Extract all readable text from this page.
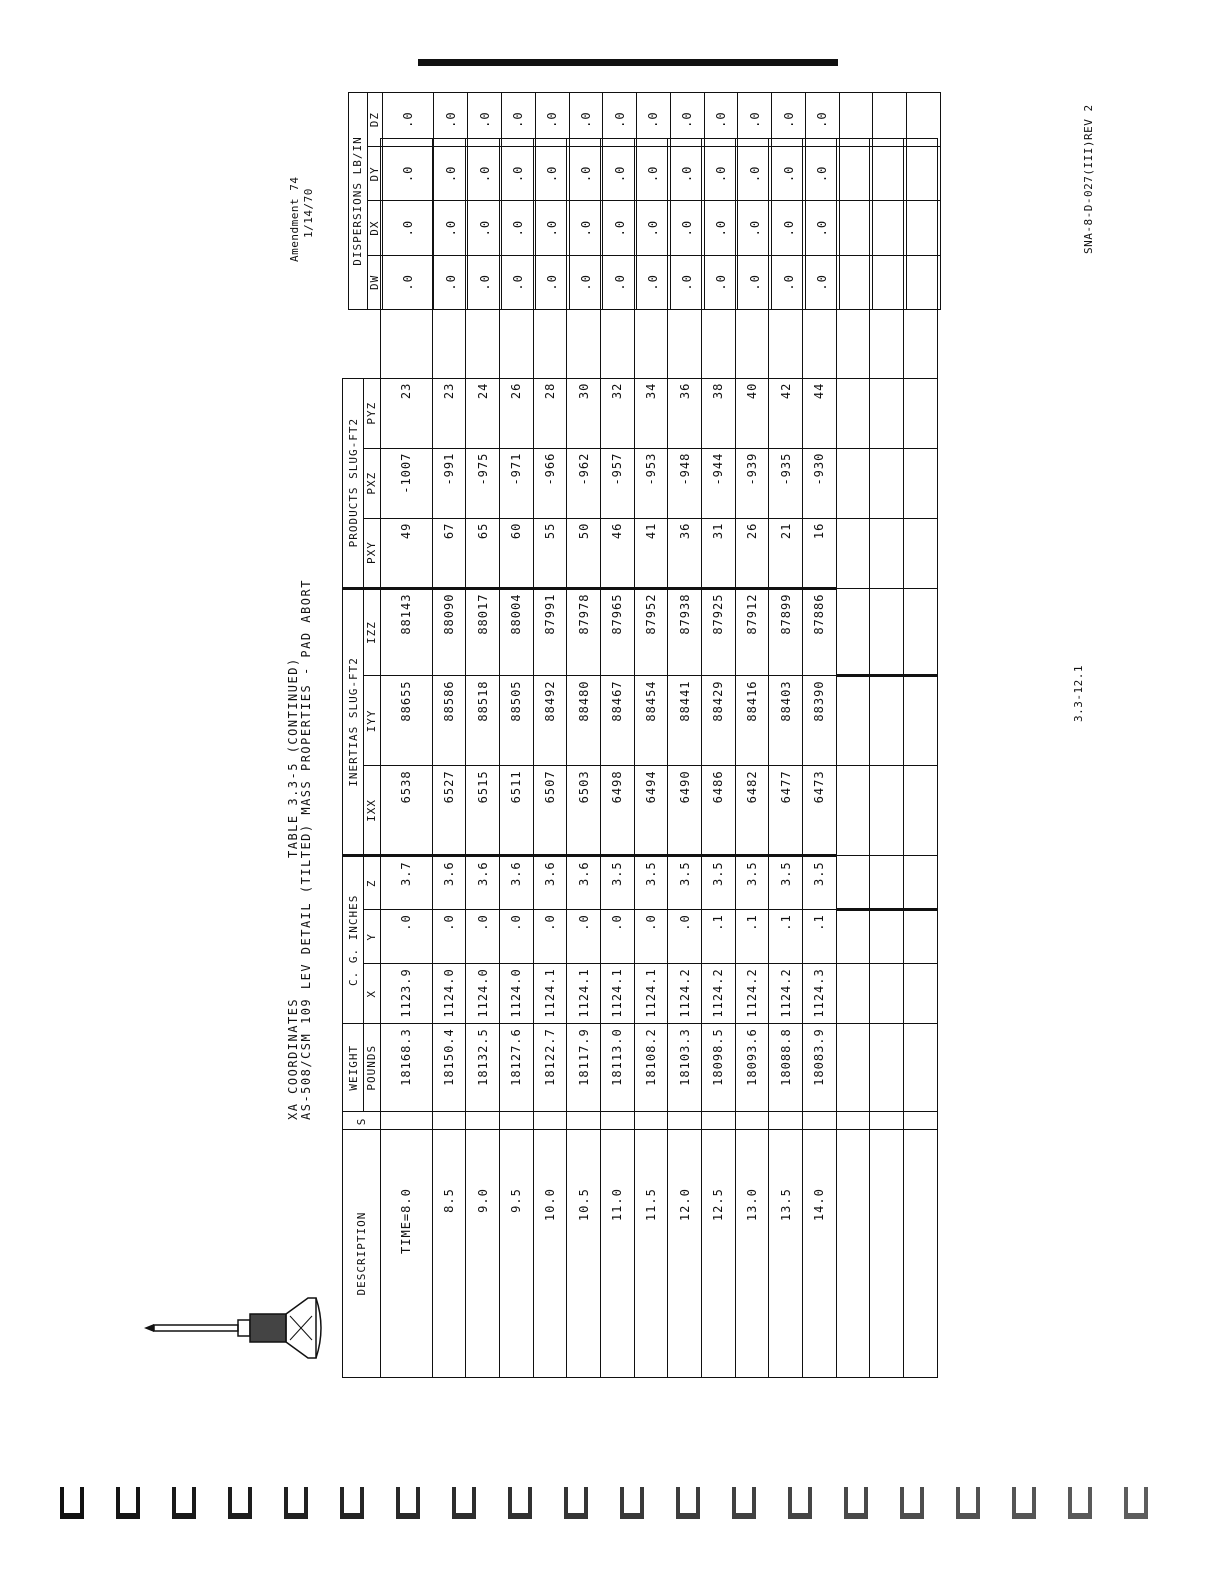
XA COORDINATES AS-508/CSM 109 LEV DETAIL (TILTED) MASS PROPERTIES - PAD ABORT
TABLE 3.3-5 (CONTINUED)
Amendment 74 1/14/70
3.3-12.1
SNA-8-D-027(III)REV 2
DESCRIPTION	S	WEIGHT	C. G. INCHES			INERTIAS SLUG-FT2			PRODUCTS SLUG-FT2			
		POUNDS	X	Y	Z	IXX	IYY	IZZ	PXY	PXZ	PYZ	
TIME=8.0		18168.3	1123.9	.0	3.7	6538	88655	88143	49	-1007	23	
8.5		18150.4	1124.0	.0	3.6	6527	88586	88090	67	-991	23	
9.0		18132.5	1124.0	.0	3.6	6515	88518	88017	65	-975	24	
9.5		18127.6	1124.0	.0	3.6	6511	88505	88004	60	-971	26	
10.0		18122.7	1124.1	.0	3.6	6507	88492	87991	55	-966	28	
10.5		18117.9	1124.1	.0	3.6	6503	88480	87978	50	-962	30	
11.0		18113.0	1124.1	.0	3.5	6498	88467	87965	46	-957	32	
11.5		18108.2	1124.1	.0	3.5	6494	88454	87952	41	-953	34	
12.0		18103.3	1124.2	.0	3.5	6490	88441	87938	36	-948	36	
12.5		18098.5	1124.2	.1	3.5	6486	88429	87925	31	-944	38	
13.0		18093.6	1124.2	.1	3.5	6482	88416	87912	26	-939	40	
13.5		18088.8	1124.2	.1	3.5	6477	88403	87899	21	-935	42	
14.0		18083.9	1124.3	.1	3.5	6473	88390	87886	16	-930	44	

DISPERSIONS LB/IN			
DW	DX	DY	DZ
.0	.0	.0	.0
.0	.0	.0	.0
.0	.0	.0	.0
.0	.0	.0	.0
.0	.0	.0	.0
.0	.0	.0	.0
.0	.0	.0	.0
.0	.0	.0	.0
.0	.0	.0	.0
.0	.0	.0	.0
.0	.0	.0	.0
.0	.0	.0	.0
.0	.0	.0	.0
